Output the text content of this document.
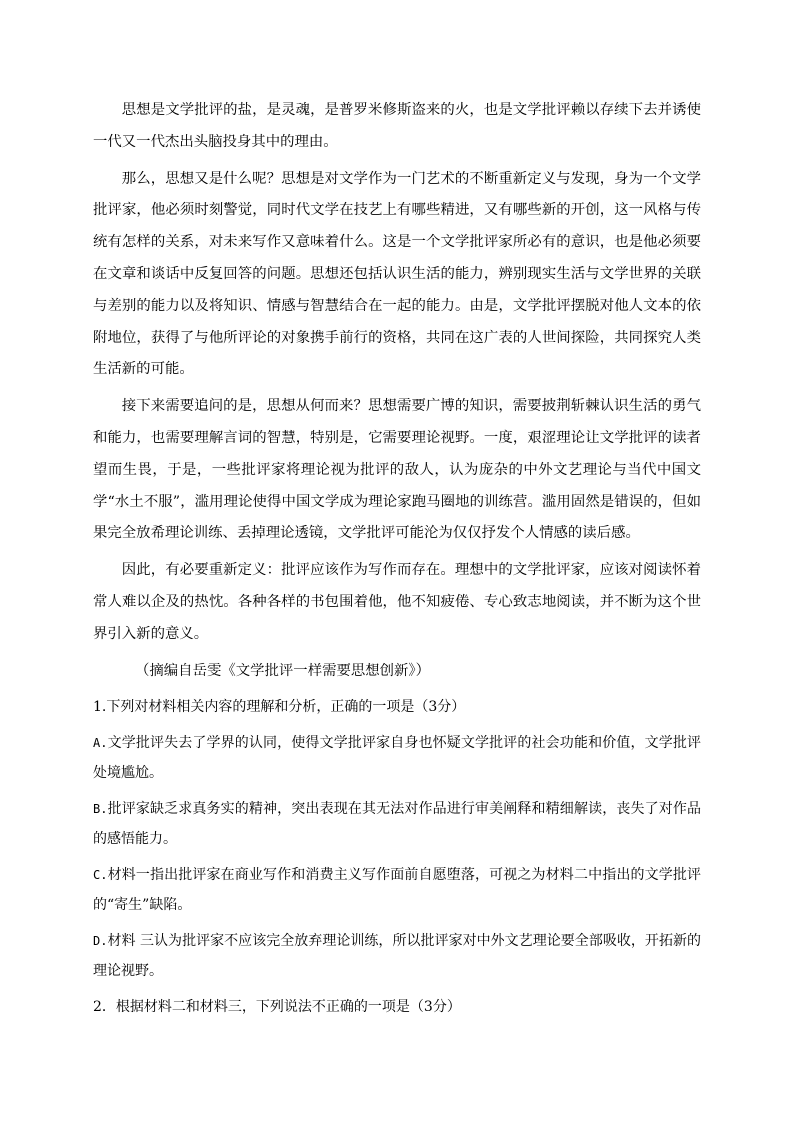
思想是文学批评的盐，是灵魂，是普罗米修斯盗来的火，也是文学批评赖以存续下去并诱使一代又一代杰出头脑投身其中的理由。

那么，思想又是什么呢？思想是对文学作为一门艺术的不断重新定义与发现，身为一个文学批评家，他必须时刻警觉，同时代文学在技艺上有哪些精进，又有哪些新的开创，这一风格与传统有怎样的关系，对未来写作又意味着什么。这是一个文学批评家所必有的意识，也是他必须要在文章和谈话中反复回答的问题。思想还包括认识生活的能力，辨别现实生活与文学世界的关联与差别的能力以及将知识、情感与智慧结合在一起的能力。由是，文学批评摆脱对他人文本的依附地位，获得了与他所评论的对象携手前行的资格，共同在这广表的人世间探险，共同探究人类生活新的可能。

接下来需要追问的是，思想从何而来？思想需要广博的知识，需要披荆斩棘认识生活的勇气和能力，也需要理解言词的智慧，特别是，它需要理论视野。一度，艰涩理论让文学批评的读者望而生畏，于是，一些批评家将理论视为批评的敌人，认为庞杂的中外文艺理论与当代中国文学“水土不服”，滥用理论使得中国文学成为理论家跑马圈地的训练营。滥用固然是错误的，但如果完全放希理论训练、丢掉理论透镜，文学批评可能沦为仅仅抒发个人情感的读后感。

因此，有必要重新定义：批评应该作为写作而存在。理想中的文学批评家，应该对阅读怀着常人难以企及的热忱。各种各样的书包围着他，他不知疲倦、专心致志地阅读，并不断为这个世界引入新的意义。

（摘编自岳雯《文学批评一样需要思想创新》）

1.下列对材料相关内容的理解和分析，正确的一项是（3分）

A.文学批评失去了学界的认同，使得文学批评家自身也怀疑文学批评的社会功能和价值，文学批评处境尴尬。

B.批评家缺乏求真务实的精神，突出表现在其无法对作品进行审美阐释和精细解读，丧失了对作品的感悟能力。

C.材料一指出批评家在商业写作和消费主义写作面前自愿堕落，可视之为材料二中指出的文学批评的“寄生”缺陷。

D.材料 三认为批评家不应该完全放弃理论训练，所以批评家对中外文艺理论要全部吸收，开拓新的理论视野。

2．根据材料二和材料三，下列说法不正确的一项是（3分）
